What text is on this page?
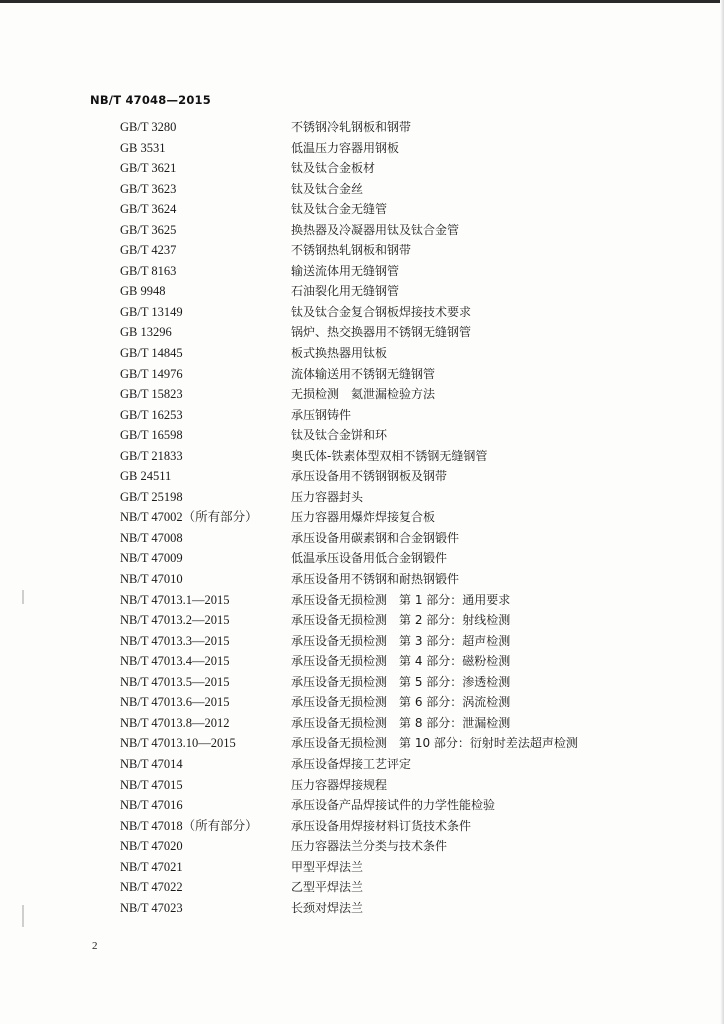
NB/T 47048—2015
GB/T 3280	不锈钢冷轧钢板和钢带
GB 3531	低温压力容器用钢板
GB/T 3621	钛及钛合金板材
GB/T 3623	钛及钛合金丝
GB/T 3624	钛及钛合金无缝管
GB/T 3625	换热器及冷凝器用钛及钛合金管
GB/T 4237	不锈钢热轧钢板和钢带
GB/T 8163	输送流体用无缝钢管
GB 9948	石油裂化用无缝钢管
GB/T 13149	钛及钛合金复合钢板焊接技术要求
GB 13296	锅炉、热交换器用不锈钢无缝钢管
GB/T 14845	板式换热器用钛板
GB/T 14976	流体输送用不锈钢无缝钢管
GB/T 15823	无损检测　氦泄漏检验方法
GB/T 16253	承压钢铸件
GB/T 16598	钛及钛合金饼和环
GB/T 21833	奥氏体-铁素体型双相不锈钢无缝钢管
GB 24511	承压设备用不锈钢钢板及钢带
GB/T 25198	压力容器封头
NB/T 47002（所有部分）	压力容器用爆炸焊接复合板
NB/T 47008	承压设备用碳素钢和合金钢锻件
NB/T 47009	低温承压设备用低合金钢锻件
NB/T 47010	承压设备用不锈钢和耐热钢锻件
NB/T 47013.1—2015	承压设备无损检测　第 1 部分：通用要求
NB/T 47013.2—2015	承压设备无损检测　第 2 部分：射线检测
NB/T 47013.3—2015	承压设备无损检测　第 3 部分：超声检测
NB/T 47013.4—2015	承压设备无损检测　第 4 部分：磁粉检测
NB/T 47013.5—2015	承压设备无损检测　第 5 部分：渗透检测
NB/T 47013.6—2015	承压设备无损检测　第 6 部分：涡流检测
NB/T 47013.8—2012	承压设备无损检测　第 8 部分：泄漏检测
NB/T 47013.10—2015	承压设备无损检测　第 10 部分：衍射时差法超声检测
NB/T 47014	承压设备焊接工艺评定
NB/T 47015	压力容器焊接规程
NB/T 47016	承压设备产品焊接试件的力学性能检验
NB/T 47018（所有部分）	承压设备用焊接材料订货技术条件
NB/T 47020	压力容器法兰分类与技术条件
NB/T 47021	甲型平焊法兰
NB/T 47022	乙型平焊法兰
NB/T 47023	长颈对焊法兰
2
